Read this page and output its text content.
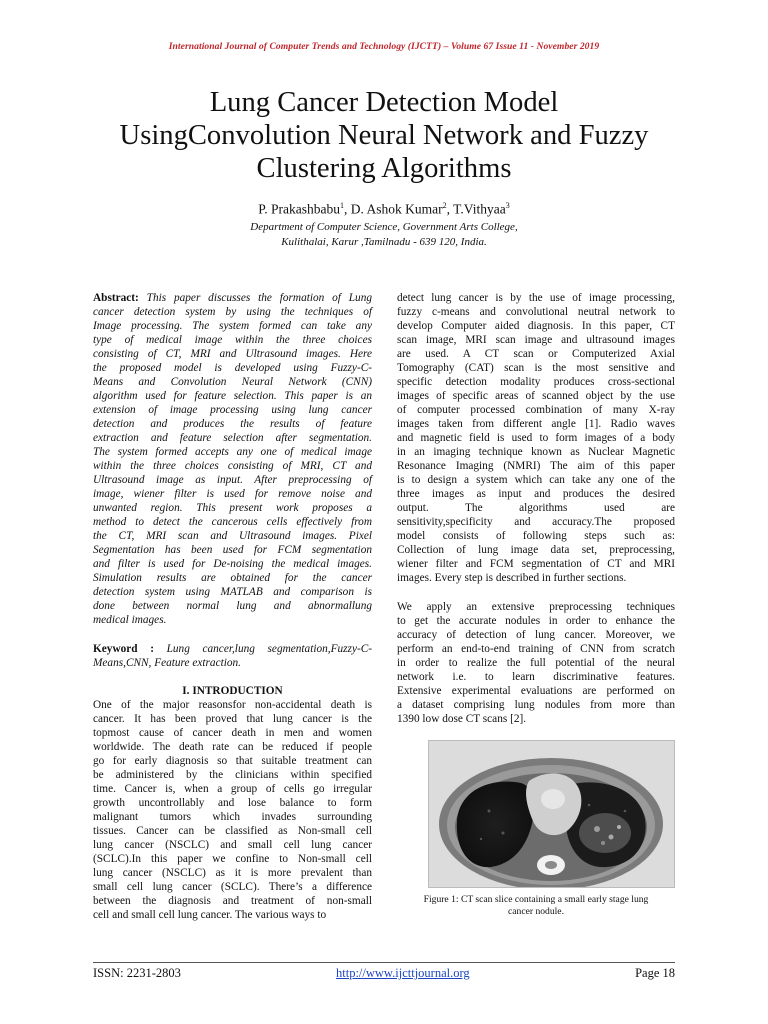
International Journal of Computer Trends and Technology (IJCTT) – Volume 67 Issue 11 - November 2019
Lung Cancer Detection Model
UsingConvolution Neural Network and Fuzzy
Clustering Algorithms
P. Prakashbabu$^1$, D. Ashok Kumar$^2$, T.Vithyaa$^3$
Department of Computer Science, Government Arts College,
Kulithalai, Karur ,Tamilnadu - 639 120, India.
Abstract: This paper discusses the formation of Lung
cancer detection system by using the techniques of
Image processing. The system formed can take any
type of medical image within the three choices
consisting of CT, MRI and Ultrasound images. Here
the proposed model is developed using Fuzzy-C-
Means and Convolution Neural Network (CNN)
algorithm used for feature selection. This paper is an
extension of image processing using lung cancer
detection and produces the results of feature
extraction and feature selection after segmentation.
The system formed accepts any one of medical image
within the three choices consisting of MRI, CT and
Ultrasound image as input. After preprocessing of
image, wiener filter is used for remove noise and
unwanted region. This present work proposes a
method to detect the cancerous cells effectively from
the CT, MRI scan and Ultrasound images. Pixel
Segmentation has been used for FCM segmentation
and filter is used for De-noising the medical images.
Simulation results are obtained for the cancer
detection system using MATLAB and comparison is
done between normal lung and abnormallung
medical images.
Keyword : Lung cancer,lung segmentation,Fuzzy-C-
Means,CNN, Feature extraction.

I. INTRODUCTION

One of the major reasonsfor non-accidental death is
cancer. It has been proved that lung cancer is the
topmost cause of cancer death in men and women
worldwide. The death rate can be reduced if people
go for early diagnosis so that suitable treatment can
be administered by the clinicians within specified
time. Cancer is, when a group of cells go irregular
growth uncontrollably and lose balance to form
malignant tumors which invades surrounding
tissues. Cancer can be classified as Non-small cell
lung cancer (NSCLC) and small cell lung cancer
(SCLC).In this paper we confine to Non-small cell
lung cancer (NSCLC) as it is more prevalent than
small cell lung cancer (SCLC). There’s a difference
between the diagnosis and treatment of non-small
cell and small cell lung cancer. The various ways to
detect lung cancer is by the use of image processing,
fuzzy c-means and convolutional neutral network to
develop Computer aided diagnosis. In this paper, CT
scan image, MRI scan image and ultrasound images
are used. A CT scan or Computerized Axial
Tomography (CAT) scan is the most sensitive and
specific detection modality produces cross-sectional
images of specific areas of scanned object by the use
of computer processed combination of many X-ray
images taken from different angle [1]. Radio waves
and magnetic field is used to form images of a body
in an imaging technique known as Nuclear Magnetic
Resonance Imaging (NMRI) The aim of this paper
is to design a system which can take any one of the
three images as input and produces the desired
output. The algorithms used are
sensitivity,specificity and accuracy.The proposed
model consists of following steps such as:
Collection of lung image data set, preprocessing,
wiener filter and FCM segmentation of CT and MRI
images. Every step is described in further sections.
We apply an extensive preprocessing techniques
to get the accurate nodules in order to enhance the
accuracy of detection of lung cancer. Moreover, we
perform an end-to-end training of CNN from scratch
in order to realize the full potential of the neural
network i.e. to learn discriminative features.
Extensive experimental evaluations are performed on
a dataset comprising lung nodules from more than
1390 low dose CT scans [2].
Figure 1: CT scan slice containing a small early stage lung
cancer nodule.
ISSN: 2231-2803	http://www.ijcttjournal.org	Page 18
